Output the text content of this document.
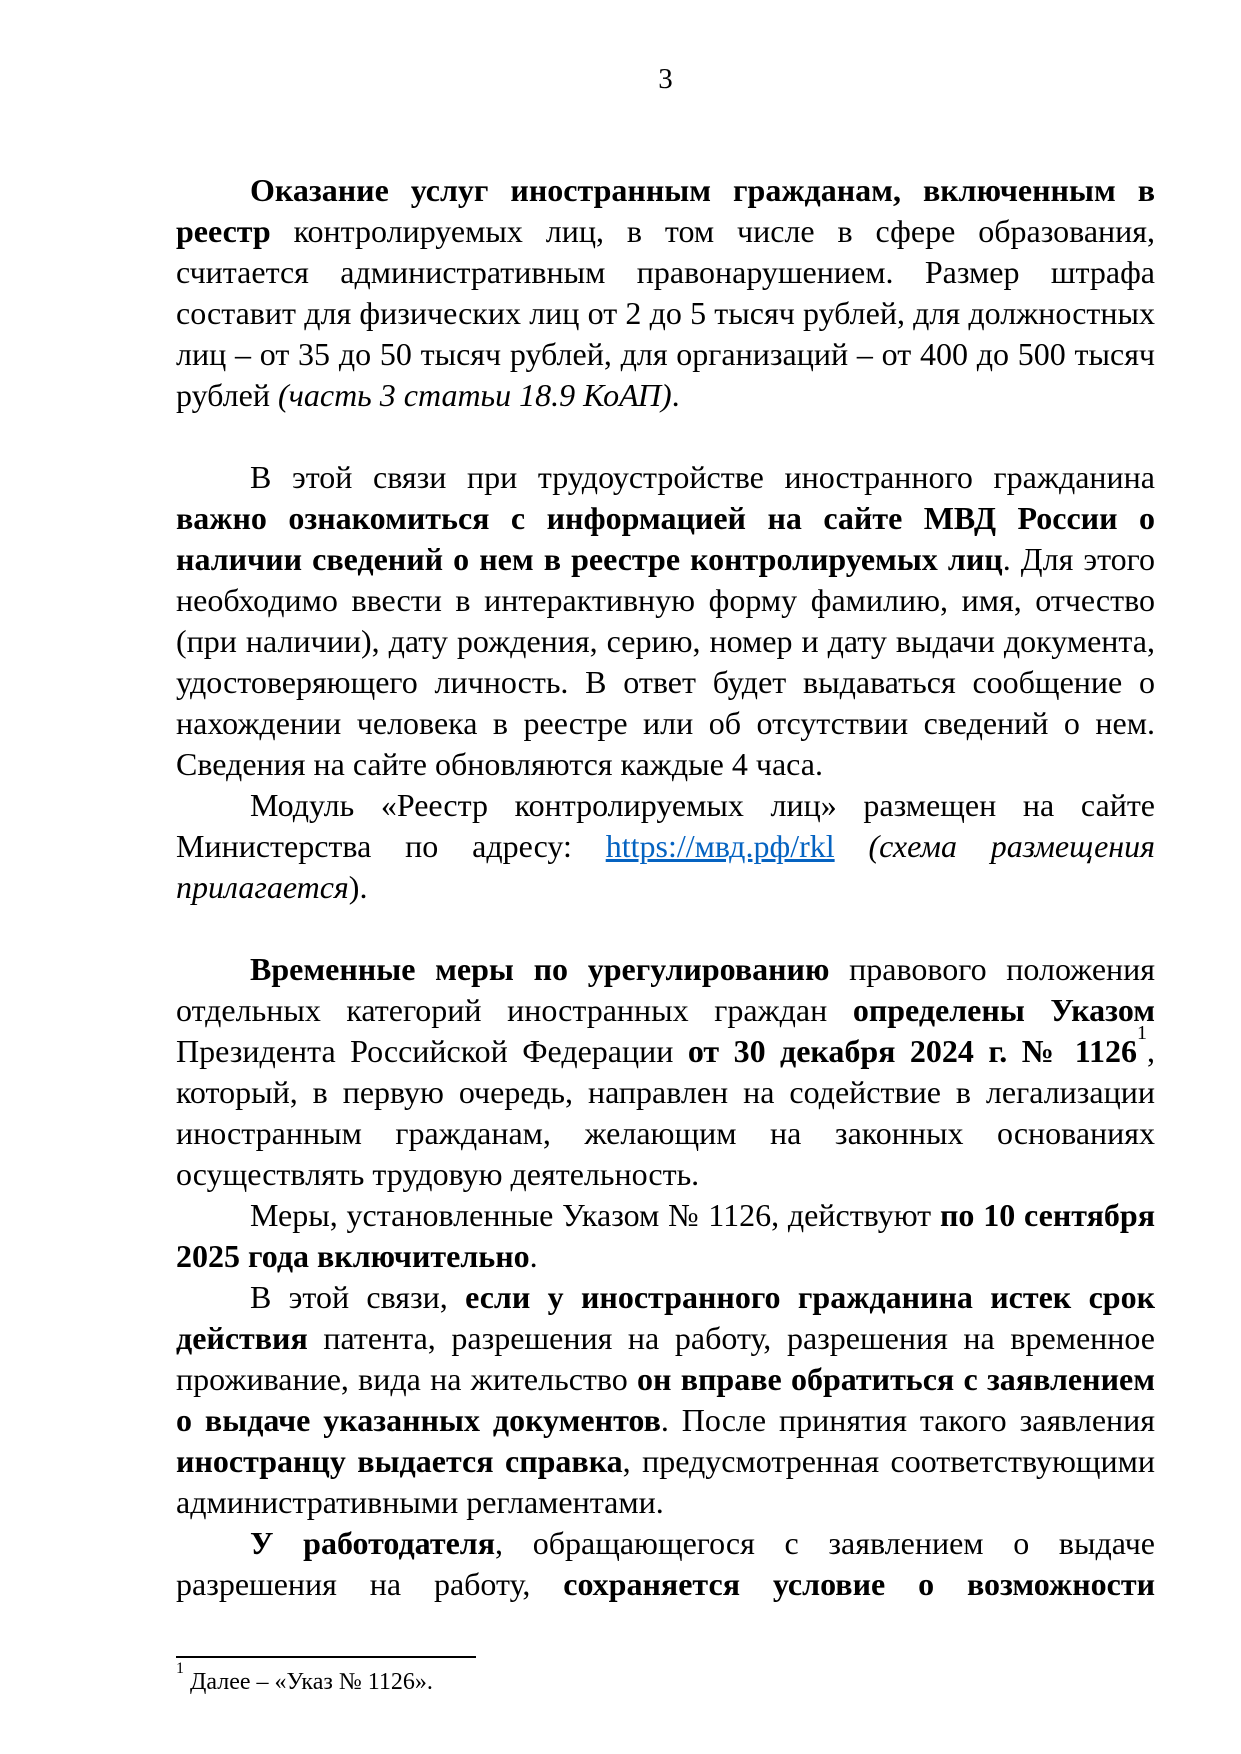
3

Оказание услуг иностранным гражданам, включенным в реестр контролируемых лиц, в том числе в сфере образования, считается административным правонарушением. Размер штрафа составит для физических лиц от 2 до 5 тысяч рублей, для должностных лиц – от 35 до 50 тысяч рублей, для организаций – от 400 до 500 тысяч рублей (часть 3 статьи 18.9 КоАП).

В этой связи при трудоустройстве иностранного гражданина важно ознакомиться с информацией на сайте МВД России о наличии сведений о нем в реестре контролируемых лиц. Для этого необходимо ввести в интерактивную форму фамилию, имя, отчество (при наличии), дату рождения, серию, номер и дату выдачи документа, удостоверяющего личность. В ответ будет выдаваться сообщение о нахождении человека в реестре или об отсутствии сведений о нем. Сведения на сайте обновляются каждые 4 часа.

Модуль «Реестр контролируемых лиц» размещен на сайте Министерства по адресу: https://мвд.рф/rkl (схема размещения прилагается).

Временные меры по урегулированию правового положения отдельных категорий иностранных граждан определены Указом Президента Российской Федерации от 30 декабря 2024 г. № 1126$^1$, который, в первую очередь, направлен на содействие в легализации иностранным гражданам, желающим на законных основаниях осуществлять трудовую деятельность.

Меры, установленные Указом № 1126, действуют по 10 сентября 2025 года включительно.

В этой связи, если у иностранного гражданина истек срок действия патента, разрешения на работу, разрешения на временное проживание, вида на жительство он вправе обратиться с заявлением о выдаче указанных документов. После принятия такого заявления иностранцу выдается справка, предусмотренная соответствующими административными регламентами.

У работодателя, обращающегося с заявлением о выдаче разрешения на работу, сохраняется условие о возможности

$^1$ Далее – «Указ № 1126».
